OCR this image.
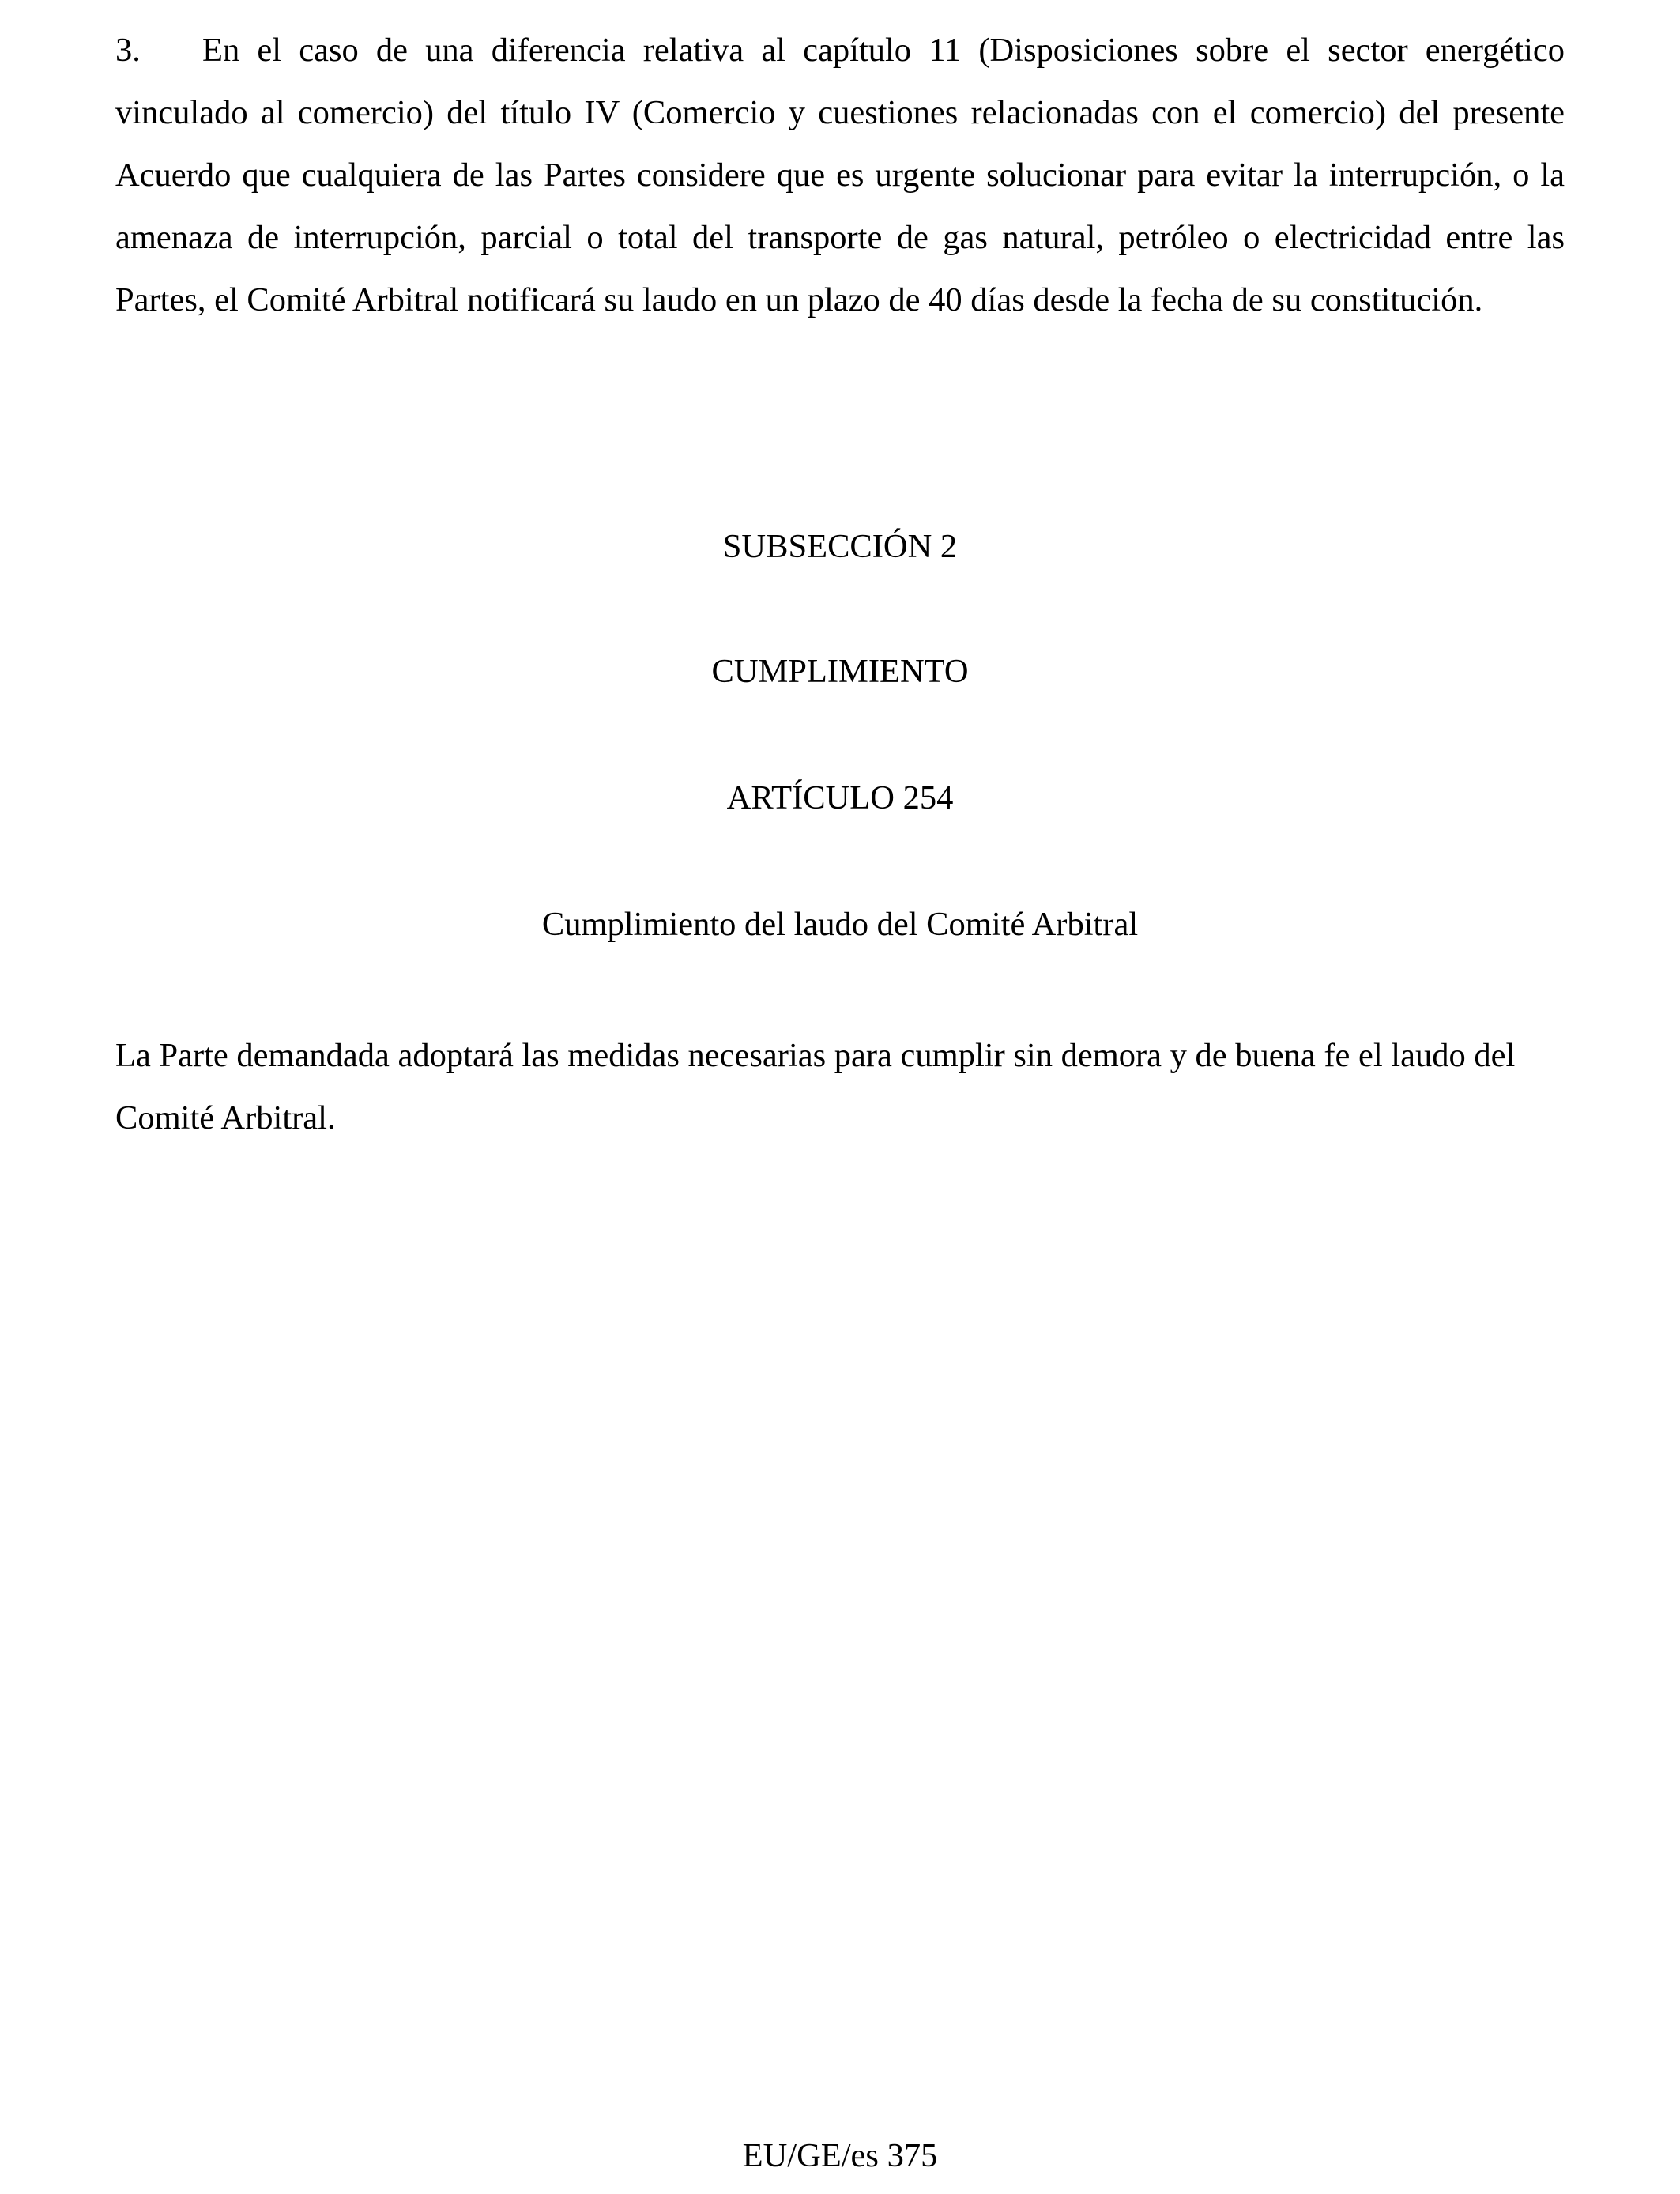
3. En el caso de una diferencia relativa al capítulo 11 (Disposiciones sobre el sector energético vinculado al comercio) del título IV (Comercio y cuestiones relacionadas con el comercio) del presente Acuerdo que cualquiera de las Partes considere que es urgente solucionar para evitar la interrupción, o la amenaza de interrupción, parcial o total del transporte de gas natural, petróleo o electricidad entre las Partes, el Comité Arbitral notificará su laudo en un plazo de 40 días desde la fecha de su constitución.

SUBSECCIÓN 2

CUMPLIMIENTO

ARTÍCULO 254

Cumplimiento del laudo del Comité Arbitral

La Parte demandada adoptará las medidas necesarias para cumplir sin demora y de buena fe el laudo del Comité Arbitral.

EU/GE/es 375
